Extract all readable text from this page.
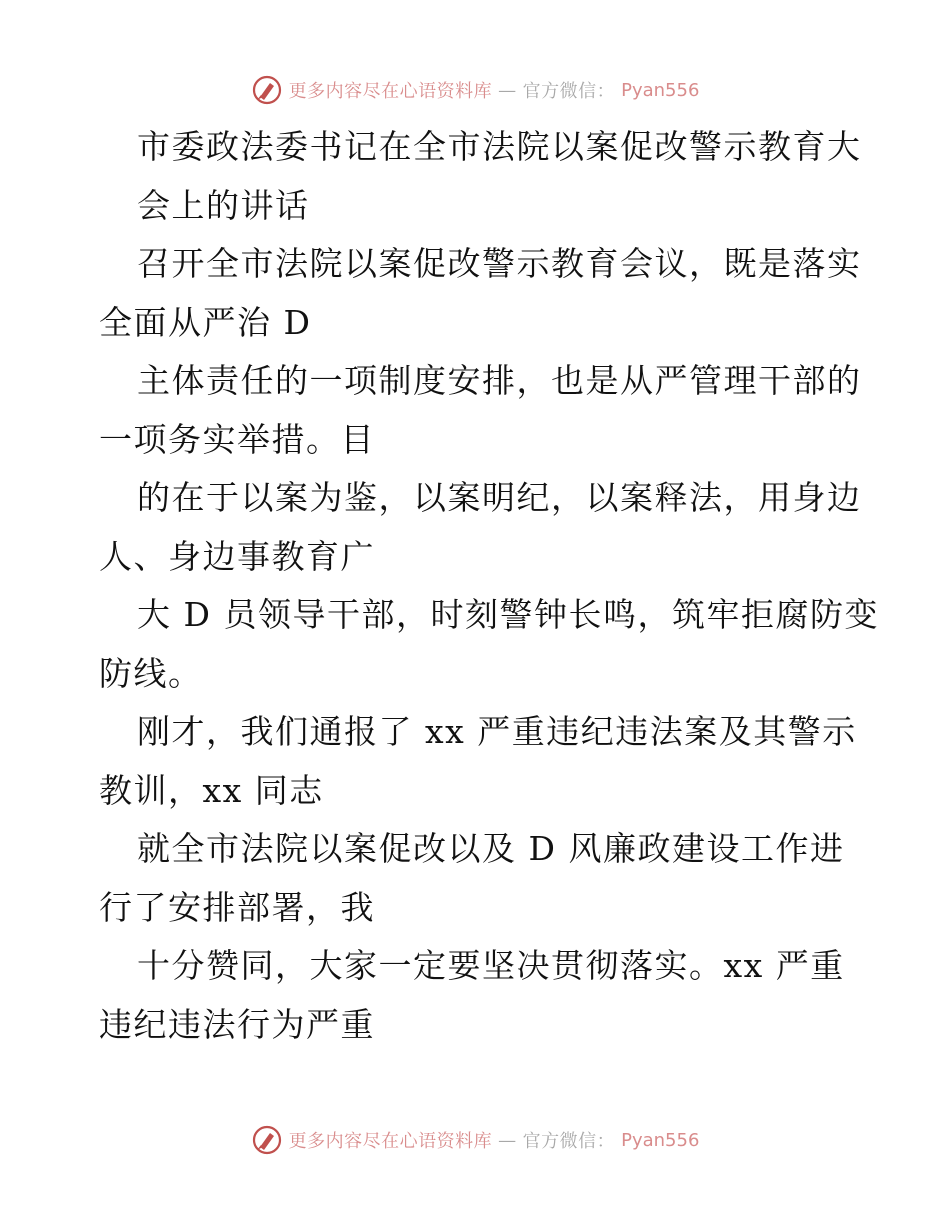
更多内容尽在心语资料库 — 官方微信： Pyan556
市委政法委书记在全市法院以案促改警示教育大
会上的讲话
召开全市法院以案促改警示教育会议，既是落实
全面从严治 D
主体责任的一项制度安排，也是从严管理干部的
一项务实举措。目
的在于以案为鉴，以案明纪，以案释法，用身边
人、身边事教育广
大 D 员领导干部，时刻警钟长鸣，筑牢拒腐防变
防线。
刚才，我们通报了 xx 严重违纪违法案及其警示
教训，xx 同志
就全市法院以案促改以及 D 风廉政建设工作进
行了安排部署，我
十分赞同，大家一定要坚决贯彻落实。xx 严重
违纪违法行为严重
更多内容尽在心语资料库 — 官方微信： Pyan556
